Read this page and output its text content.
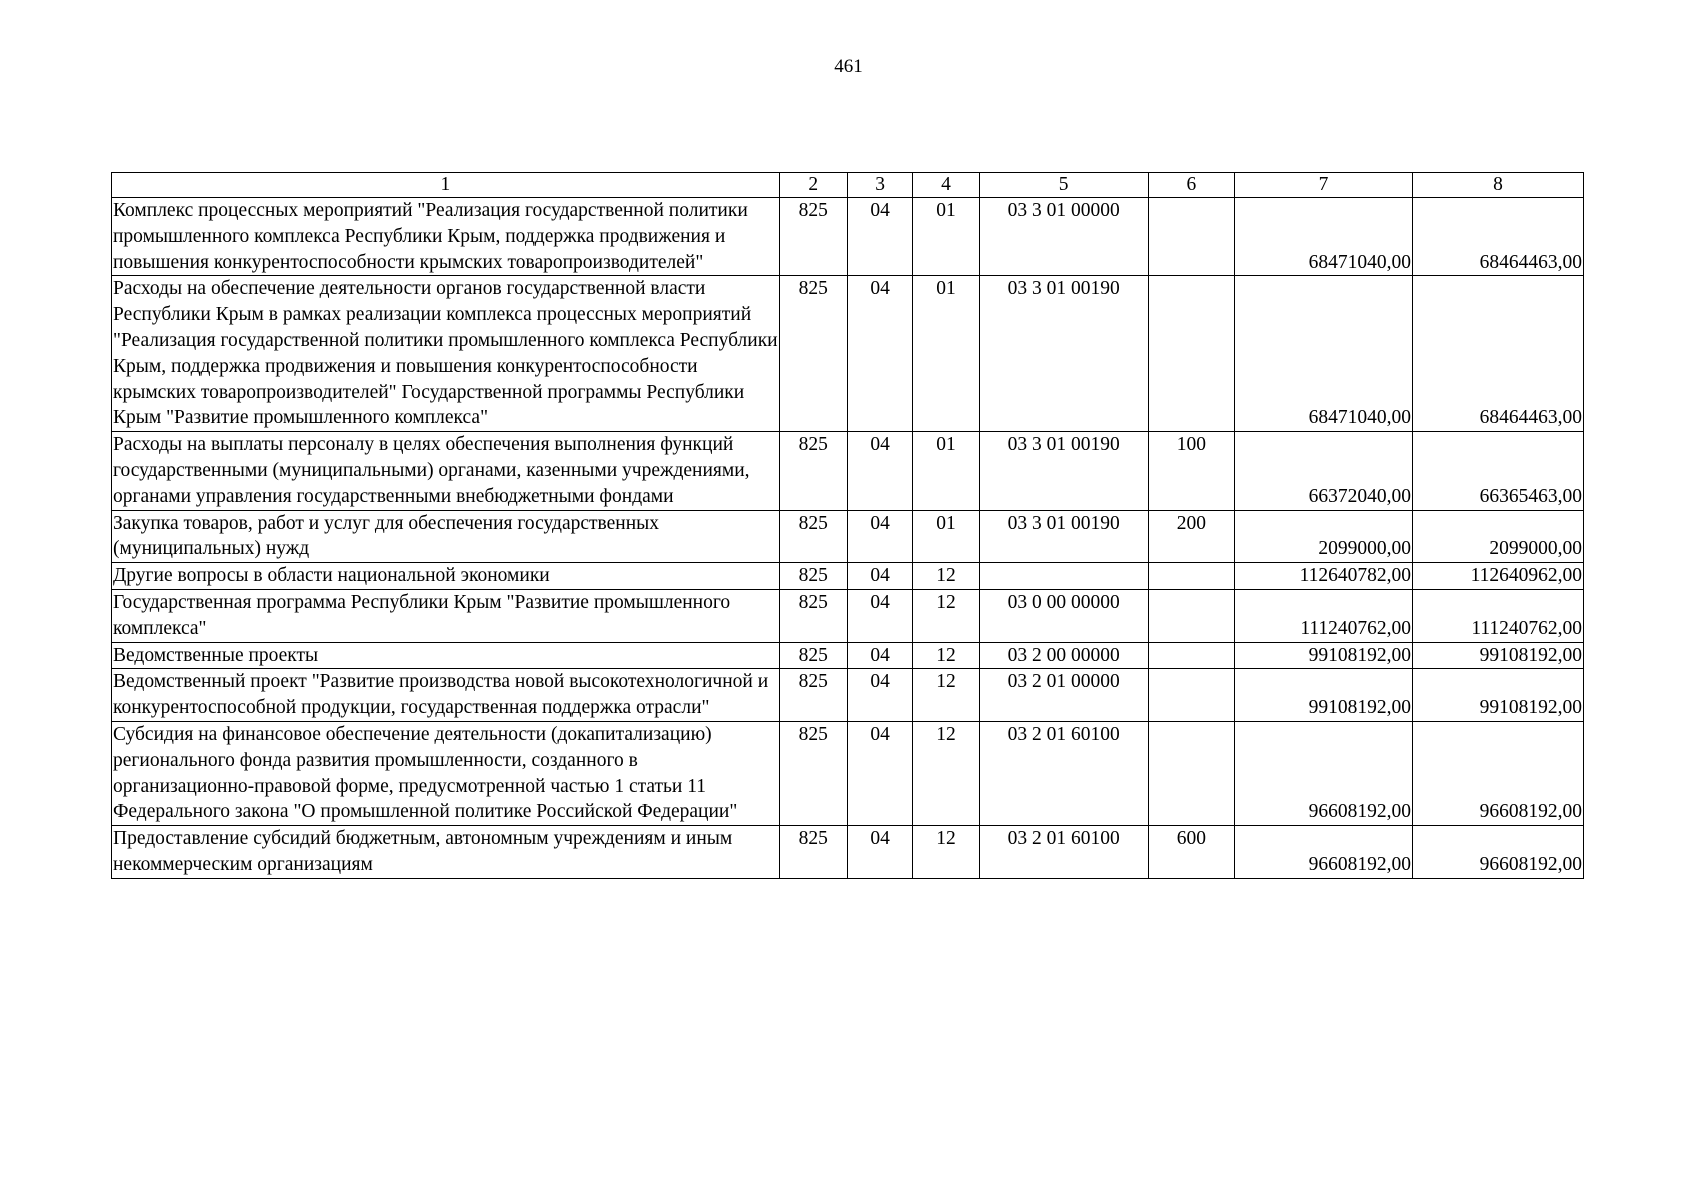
461
1	2	3	4	5	6	7	8
Комплекс процессных мероприятий "Реализация государственной политики промышленного комплекса Республики Крым, поддержка продвижения и повышения конкурентоспособности крымских товаропроизводителей"	825	04	01	03 3 01 00000		68471040,00	68464463,00
Расходы на обеспечение деятельности органов государственной власти Республики Крым в рамках реализации комплекса процессных мероприятий "Реализация государственной политики промышленного комплекса Республики Крым, поддержка продвижения и повышения конкурентоспособности крымских товаропроизводителей" Государственной программы Республики Крым "Развитие промышленного комплекса"	825	04	01	03 3 01 00190		68471040,00	68464463,00
Расходы на выплаты персоналу в целях обеспечения выполнения функций государственными (муниципальными) органами, казенными учреждениями, органами управления государственными внебюджетными фондами	825	04	01	03 3 01 00190	100	66372040,00	66365463,00
Закупка товаров, работ и услуг для обеспечения государственных (муниципальных) нужд	825	04	01	03 3 01 00190	200	2099000,00	2099000,00
Другие вопросы в области национальной экономики	825	04	12			112640782,00	112640962,00
Государственная программа Республики Крым "Развитие промышленного комплекса"	825	04	12	03 0 00 00000		111240762,00	111240762,00
Ведомственные проекты	825	04	12	03 2 00 00000		99108192,00	99108192,00
Ведомственный проект "Развитие производства новой высокотехнологичной и конкурентоспособной продукции, государственная поддержка отрасли"	825	04	12	03 2 01 00000		99108192,00	99108192,00
Субсидия на финансовое обеспечение деятельности (докапитализацию) регионального фонда развития промышленности, созданного в организационно-правовой форме, предусмотренной частью 1 статьи 11 Федерального закона "О промышленной политике Российской Федерации"	825	04	12	03 2 01 60100		96608192,00	96608192,00
Предоставление субсидий бюджетным, автономным учреждениям и иным некоммерческим организациям	825	04	12	03 2 01 60100	600	96608192,00	96608192,00
